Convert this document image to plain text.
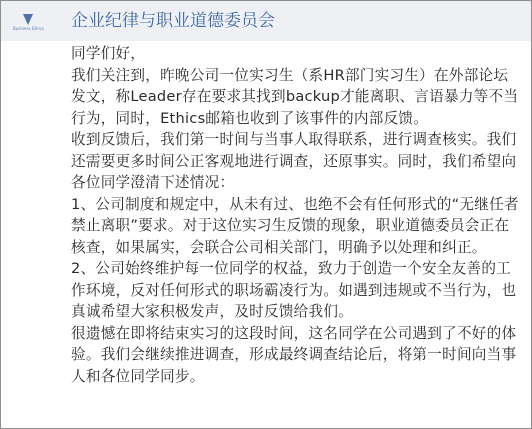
Business Ethics 企业纪律与职业道德委员会

同学们好，

我们关注到，昨晚公司一位实习生（系HR部门实习生）在外部论坛发文，称Leader存在要求其找到backup才能离职、言语暴力等不当行为，同时，Ethics邮箱也收到了该事件的内部反馈。

收到反馈后，我们第一时间与当事人取得联系，进行调查核实。我们还需要更多时间公正客观地进行调查，还原事实。同时，我们希望向各位同学澄清下述情况：

1、公司制度和规定中，从未有过、也绝不会有任何形式的“无继任者禁止离职”要求。对于这位实习生反馈的现象，职业道德委员会正在核查，如果属实，会联合公司相关部门，明确予以处理和纠正。

2、公司始终维护每一位同学的权益，致力于创造一个安全友善的工作环境，反对任何形式的职场霸凌行为。如遇到违规或不当行为，也真诚希望大家积极发声，及时反馈给我们。

很遗憾在即将结束实习的这段时间，这名同学在公司遇到了不好的体验。我们会继续推进调查，形成最终调查结论后，将第一时间向当事人和各位同学同步。
